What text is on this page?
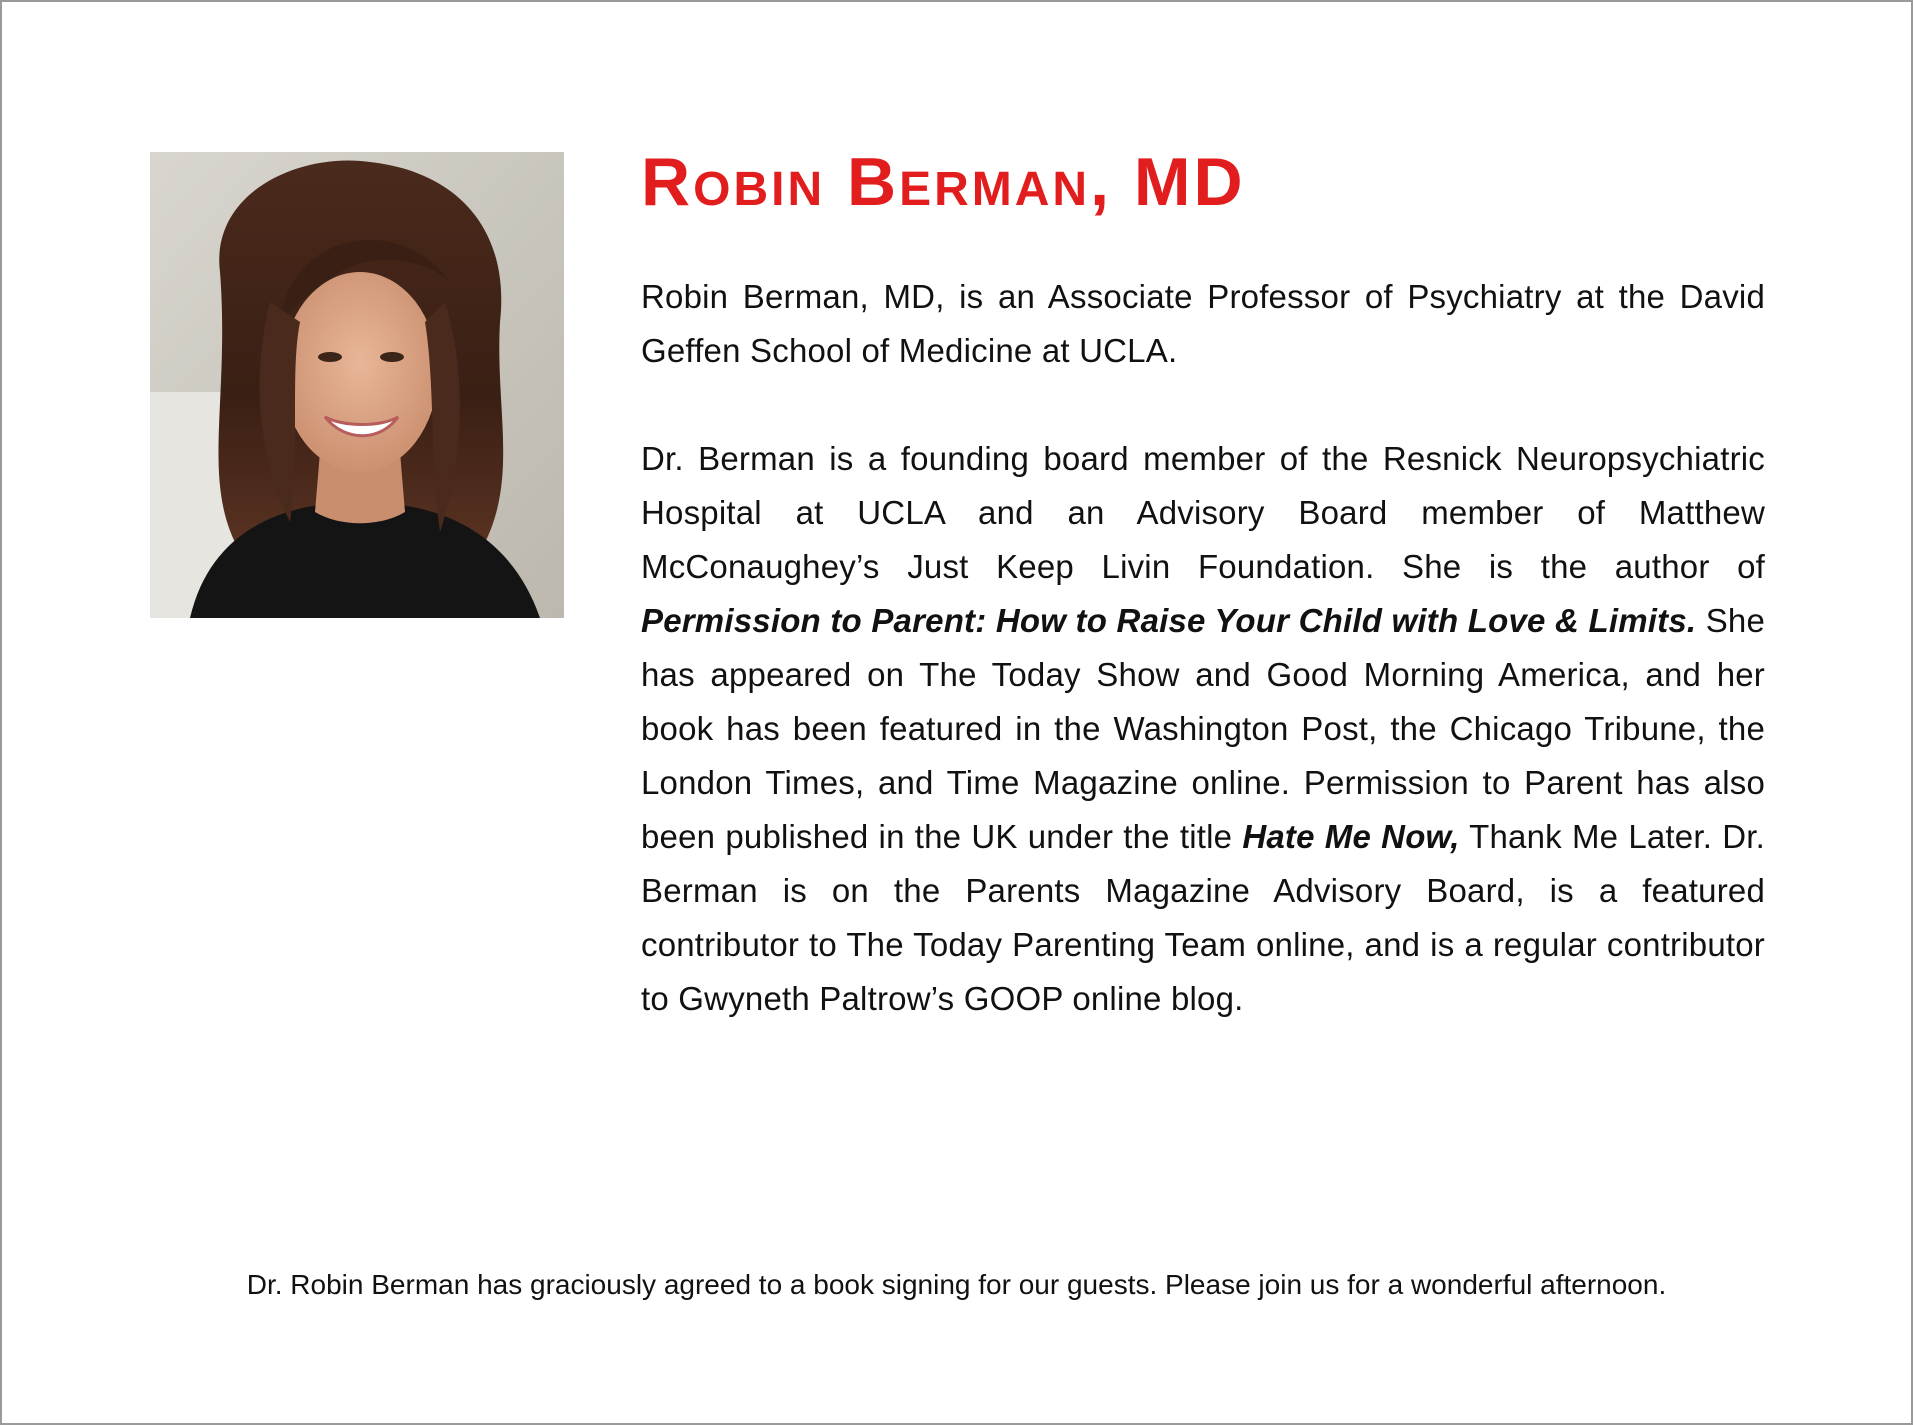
Robin Berman, MD

Robin Berman, MD, is an Associate Professor of Psychiatry at the David Geffen School of Medicine at UCLA.

Dr. Berman is a founding board member of the Resnick Neuropsychiatric Hospital at UCLA and an Advisory Board member of Matthew McConaughey’s Just Keep Livin Foundation. She is the author of Permission to Parent: How to Raise Your Child with Love & Limits. She has appeared on The Today Show and Good Morning America, and her book has been featured in the Washington Post, the Chicago Tribune, the London Times, and Time Magazine online. Permission to Parent has also been published in the UK under the title Hate Me Now, Thank Me Later. Dr. Berman is on the Parents Magazine Advisory Board, is a featured contributor to The Today Parenting Team online, and is a regular contributor to Gwyneth Paltrow’s GOOP online blog.

Dr. Robin Berman has graciously agreed to a book signing for our guests. Please join us for a wonderful afternoon.
